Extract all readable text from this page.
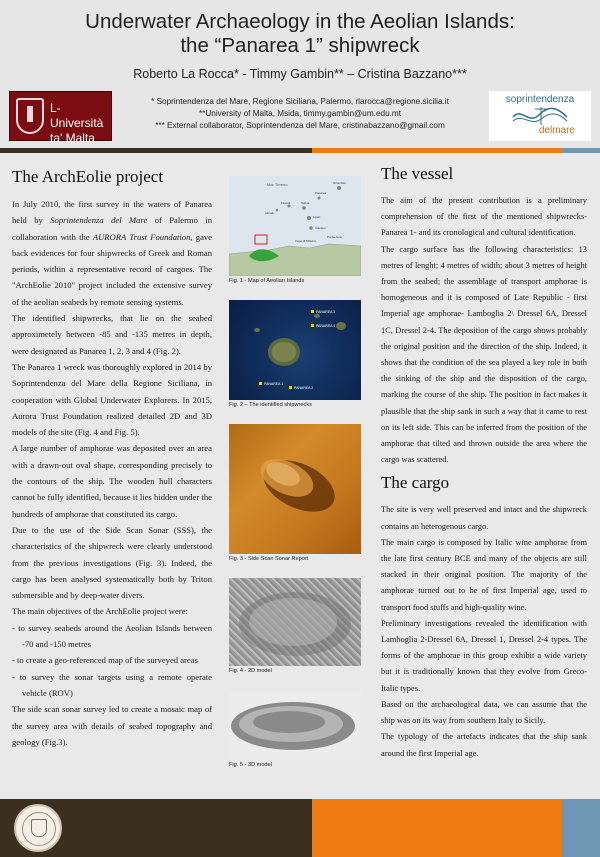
Underwater Archaeology in the Aeolian Islands:
the “Panarea 1” shipwreck
Roberto La Rocca* - Timmy Gambin** – Cristina Bazzano***
L-Università
ta' Malta
* Soprintendenza del Mare, Regione Siciliana, Palermo, rlarocca@regione.sicilia.it
**University of Malta, Msida, timmy.gambin@um.edu.mt
*** External collaborator, Soprintendenza del Mare, cristinabazzano@gmail.com
soprintendenza
delmare
The ArchEolie project

In July 2010, the first survey in the waters of Panarea held by Soprintendenza del Mare of Palermo in collaboration with the AURORA Trust Foundation, gave back evidences for four shipwrecks of Greek and Roman periods, within a representative record of cargoes. The "ArchEolie 2010" project included the extensive survey of the aeolian seabeds by remote sensing systems.

The identified shipwrecks, that lie on the seabed approximetely between -85 and -135 metres in depth, were designated as Panarea 1, 2, 3 and 4 (Fig. 2).

The Panarea 1 wreck was thoroughly explored in 2014 by Soprintendenza del Mare della Regione Siciliana, in cooperation with Global Underwater Explorers. In 2015, Aurora Trust Foundation realized detailed 2D and 3D models of the site (Fig. 4 and Fig. 5).

A large number of amphorae was deposited over an area with a drawn-out oval shape, corresponding precisely to the contours of the ship. The wooden hull characters cannot be fully identified, because it lies hidden under the hundreds of amphorae that constituted its cargo.

Due to the use of the Side Scan Sonar (SSS), the characteristics of the shipwreck were clearly understood from the previous investigations (Fig. 3). Indeed, the cargo has been analysed systematically both by Triton submersible and by deep-water divers.

The main objectives of the ArchEolie project were:

- to survey seabeds around the Aeolian Islands between -70 and -150 metres
- to create a geo-referenced map of the surveyed areas
- to survey the sonar targets using a remote operate vehicle (ROV)

The side scan sonar survey led to create a mosaic map of the survey area with details of seabed topography and geology (Fig.3).

Mar Tirreno	Stromboli
Panarea
Salina
Filicudi
Alicudi
Lipari
Vulcano
Capo di Milazzo
Punta Arcio
Fig. 1 - Map of Aeolian Islands
PANAREA 3
PANAREA 4
PANAREA 1
PANAREA 2
Fig. 2 – The identified shipwrecks
Fig. 3 - Side Scan Sonar Report
Fig. 4 - 2D model
Fig. 5 - 3D model
The vessel

The aim of the present contribution is a preliminary comprehension of the first of the mentioned shipwrecks- Panarea 1- and its cronological and cultural identification.

The cargo surface has the following characteristics: 13 metres of lenght; 4 metres of width; about 3 metres of height from the seabed; the assemblage of transport amphorae is homogeneous and it is composed of Late Republic - first Imperial age amphorae- Lamboglia 2\ Dressel 6A, Dressel 1C, Dressel 2-4. The deposition of the cargo shows probably the original position and the direction of the ship. Indeed, it shows that the condition of the sea played a key role in both the sinking of the ship and the disposition of the cargo, marking the course of the ship. The position in fact makes it plausible that the ship sank in such a way that it came to rest on its left side. This can be inferred from the position of the amphorae that tilted and thrown outside the area where the cargo was scattered.

The cargo

The site is very well preserved and intact and the shipwreck contains an heterogenous cargo.

The main cargo is composed by Italic wine amphorae from the late first century BCE and many of the objects are still stacked in their original position. The majority of the amphorae turned out to be of first Imperial age, used to transport food stuffs and high-quality wine.

Preliminary investigations revealed the identification with Lamboglia 2-Dressel 6A, Dressel 1, Dressel 2-4 types. The forms of the amphorae in this group exhibit a wide variety but it is traditionally known that they evolve from Greco-Italic types.

Based on the archaeological data, we can assume that the ship was on its way from southern Italy to Sicily.

The typology of the artefacts indicates that the ship sank around the first Imperial age.
